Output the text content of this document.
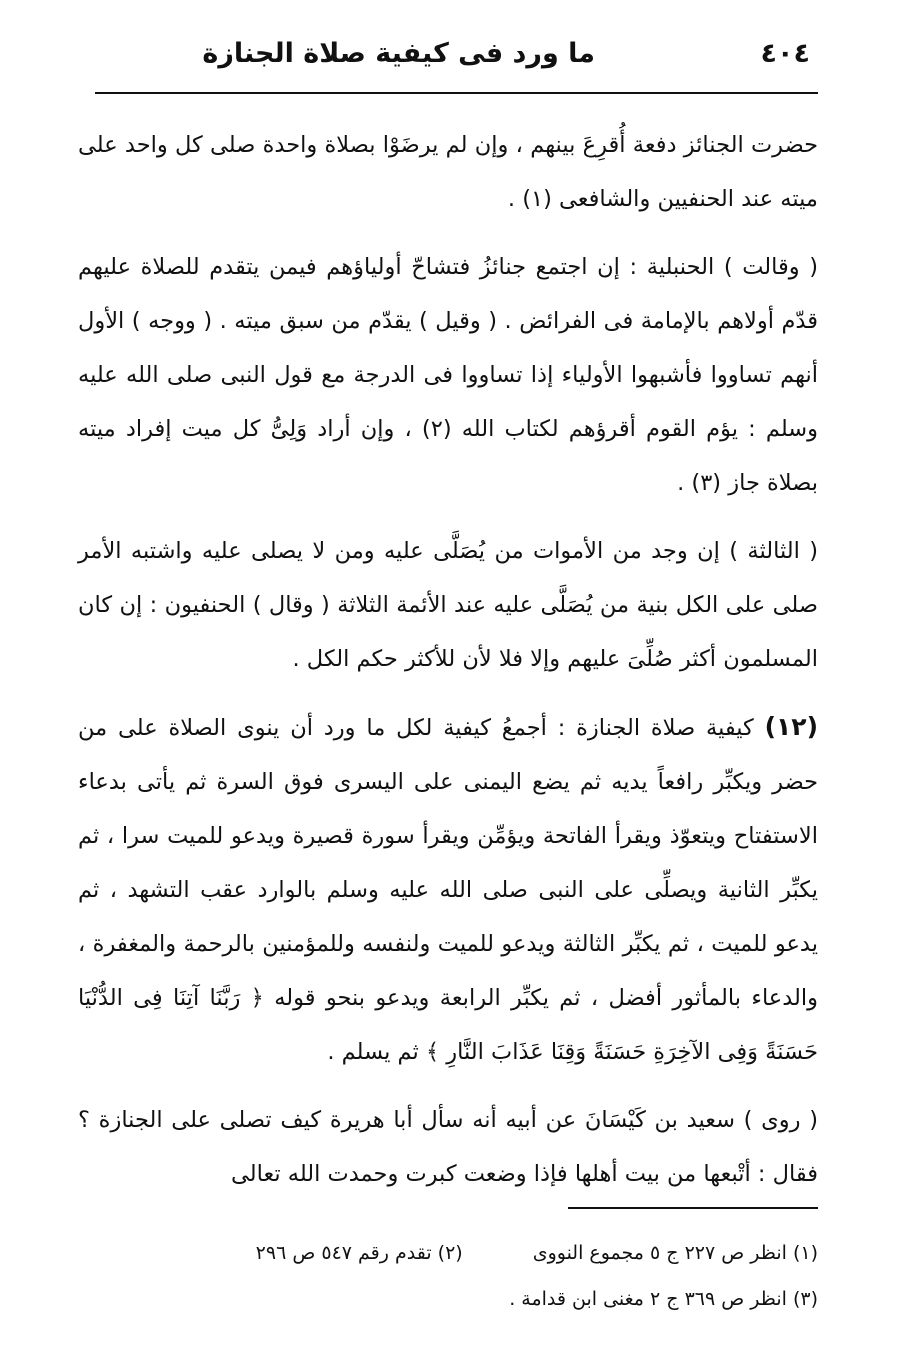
٤٠٤
ما ورد فى كيفية صلاة الجنازة

حضرت الجنائز دفعة أُقرِعَ بينهم ، وإن لم يرضَوْا بصلاة واحدة صلى كل واحد على ميته عند الحنفيين والشافعى (١) .

( وقالت ) الحنبلية : إن اجتمع جنائزُ فتشاحّ أولياؤهم فيمن يتقدم للصلاة عليهم قدّم أولاهم بالإمامة فى الفرائض . ( وقيل ) يقدّم من سبق ميته . ( ووجه ) الأول أنهم تساووا فأشبهوا الأولياء إذا تساووا فى الدرجة مع قول النبى صلى الله عليه وسلم : يؤم القوم أقرؤهم لكتاب الله (٢) ، وإن أراد وَلِىُّ كل ميت إفراد ميته بصلاة جاز (٣) .

( الثالثة ) إن وجد من الأموات من يُصَلَّى عليه ومن لا يصلى عليه واشتبه الأمر صلى على الكل بنية من يُصَلَّى عليه عند الأئمة الثلاثة ( وقال ) الحنفيون : إن كان المسلمون أكثر صُلِّىَ عليهم وإلا فلا لأن للأكثر حكم الكل .

(١٢) كيفية صلاة الجنازة : أجمعُ كيفية لكل ما ورد أن ينوى الصلاة على من حضر ويكبِّر رافعاً يديه ثم يضع اليمنى على اليسرى فوق السرة ثم يأتى بدعاء الاستفتاح ويتعوّذ ويقرأ الفاتحة ويؤمِّن ويقرأ سورة قصيرة ويدعو للميت سرا ، ثم يكبِّر الثانية ويصلِّى على النبى صلى الله عليه وسلم بالوارد عقب التشهد ، ثم يدعو للميت ، ثم يكبِّر الثالثة ويدعو للميت ولنفسه وللمؤمنين بالرحمة والمغفرة ، والدعاء بالمأثور أفضل ، ثم يكبِّر الرابعة ويدعو بنحو قوله ﴿ رَبَّنَا آتِنَا فِى الدُّنْيَا حَسَنَةً وَفِى الآخِرَةِ حَسَنَةً وَقِنَا عَذَابَ النَّارِ ﴾ ثم يسلم .

( روى ) سعيد بن كَيْسَانَ عن أبيه أنه سأل أبا هريرة كيف تصلى على الجنازة ؟ فقال : أتْبعها من بيت أهلها فإذا وضعت كبرت وحمدت الله تعالى

(١) انظر ص ٢٢٧ ج ٥ مجموع النووى
(٢) تقدم رقم ٥٤٧ ص ٢٩٦
(٣) انظر ص ٣٦٩ ج ٢ مغنى ابن قدامة .
